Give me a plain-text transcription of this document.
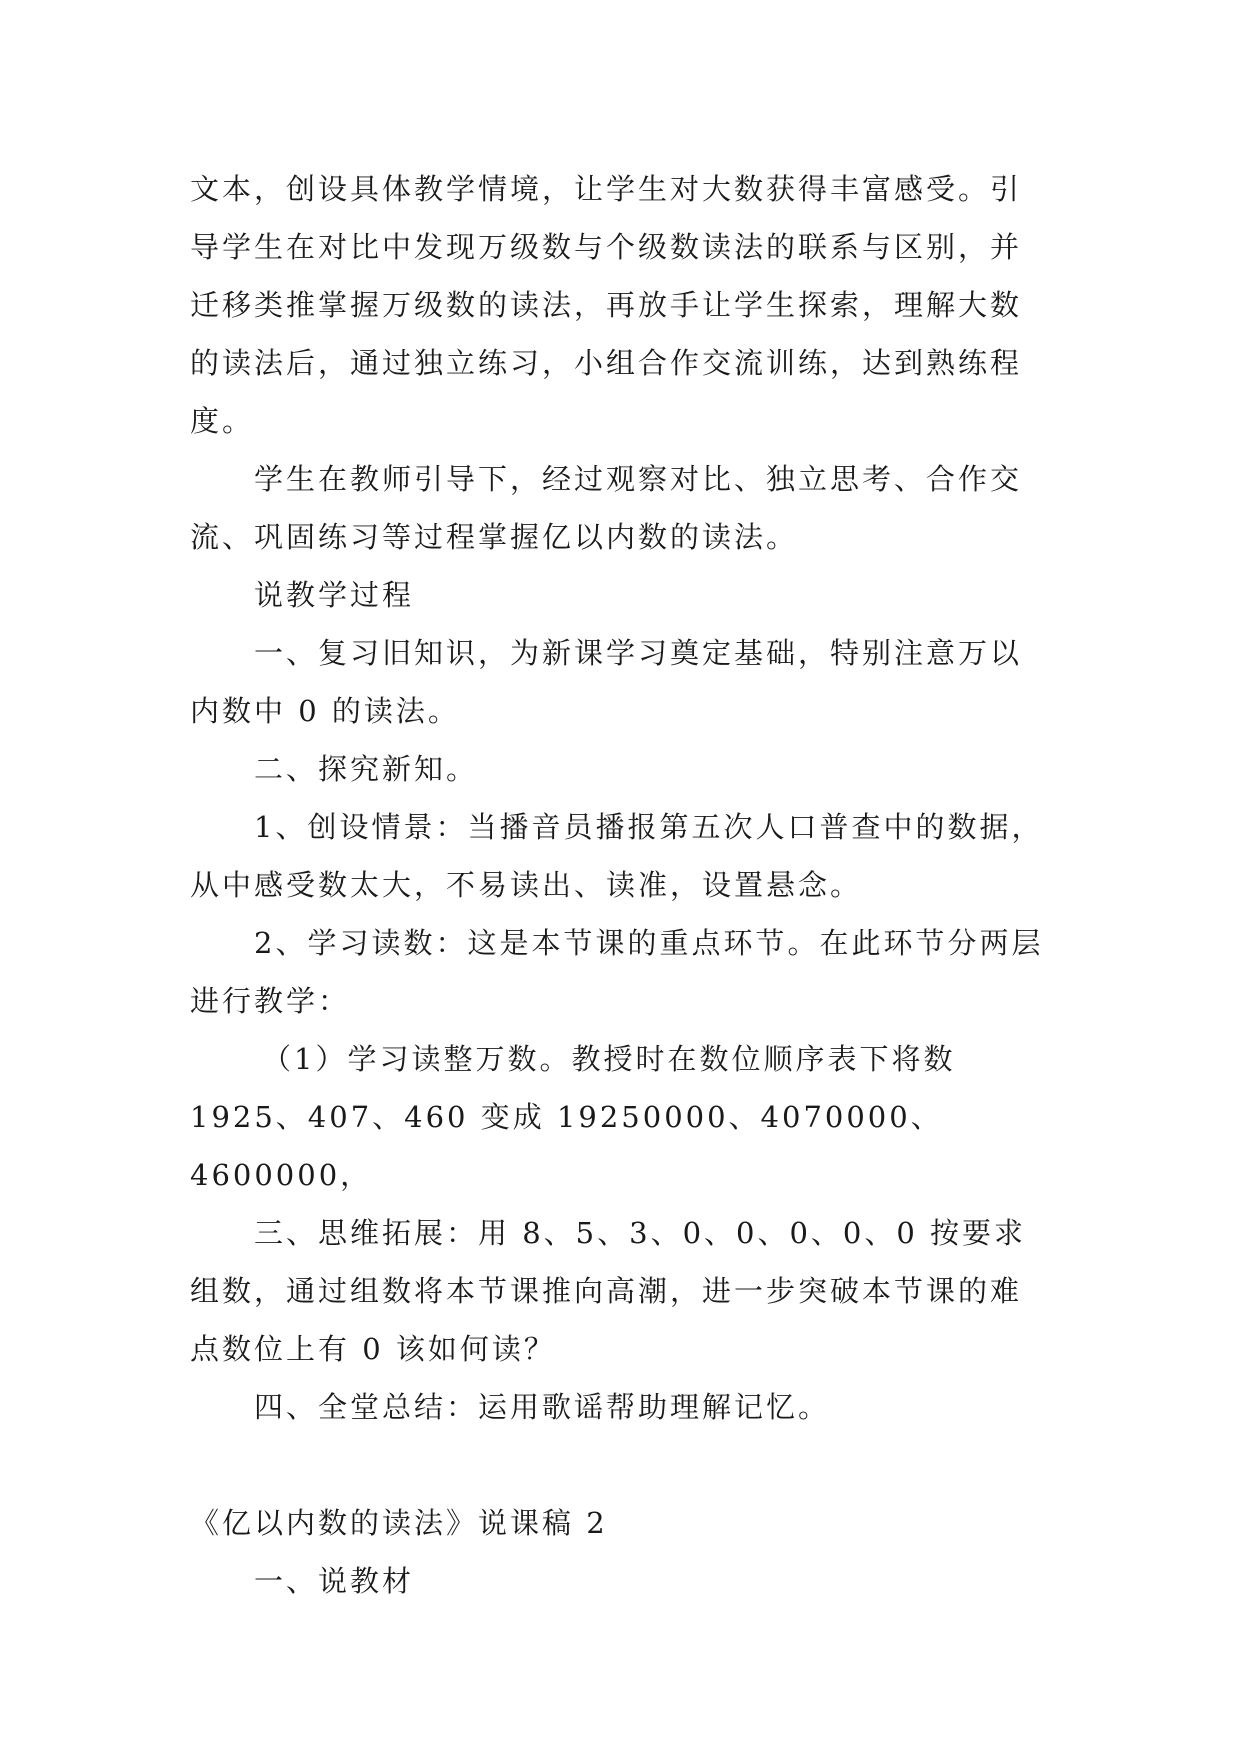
文本，创设具体教学情境，让学生对大数获得丰富感受。引导学生在对比中发现万级数与个级数读法的联系与区别，并迁移类推掌握万级数的读法，再放手让学生探索，理解大数的读法后，通过独立练习，小组合作交流训练，达到熟练程度。

学生在教师引导下，经过观察对比、独立思考、合作交流、巩固练习等过程掌握亿以内数的读法。

说教学过程

一、复习旧知识，为新课学习奠定基础，特别注意万以内数中 0 的读法。

二、探究新知。

1、创设情景：当播音员播报第五次人口普查中的数据，从中感受数太大，不易读出、读准，设置悬念。

2、学习读数：这是本节课的重点环节。在此环节分两层进行教学：

（1）学习读整万数。教授时在数位顺序表下将数 1925、407、460 变成 19250000、4070000、4600000，

三、思维拓展：用 8、5、3、0、0、0、0、0 按要求组数，通过组数将本节课推向高潮，进一步突破本节课的难点数位上有 0 该如何读？

四、全堂总结：运用歌谣帮助理解记忆。

《亿以内数的读法》说课稿 2

一、说教材
